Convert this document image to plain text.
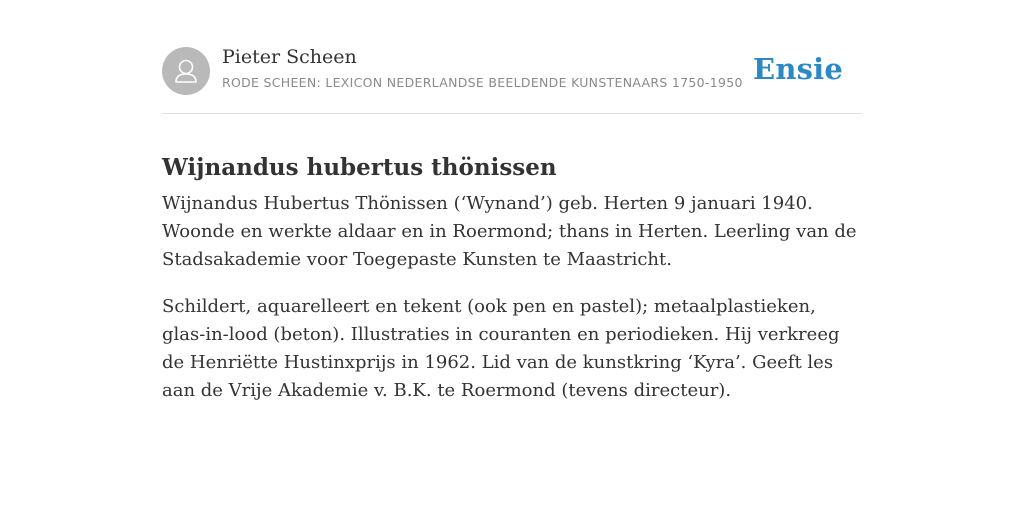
Pieter Scheen
RODE SCHEEN: LEXICON NEDERLANDSE BEELDENDE KUNSTENAARS 1750-1950 Ensie
Wijnandus hubertus thönissen

Wijnandus Hubertus Thönissen (‘Wynand’) geb. Herten 9 januari 1940. Woonde en werkte aldaar en in Roermond; thans in Herten. Leerling van de Stadsakademie voor Toegepaste Kunsten te Maastricht.

Schildert, aquarelleert en tekent (ook pen en pastel); metaalplastieken, glas-in-lood (beton). Illustraties in couranten en periodieken. Hij verkreeg de Henriëtte Hustinxprijs in 1962. Lid van de kunstkring ‘Kyra’. Geeft les aan de Vrije Akademie v. B.K. te Roermond (tevens directeur).
